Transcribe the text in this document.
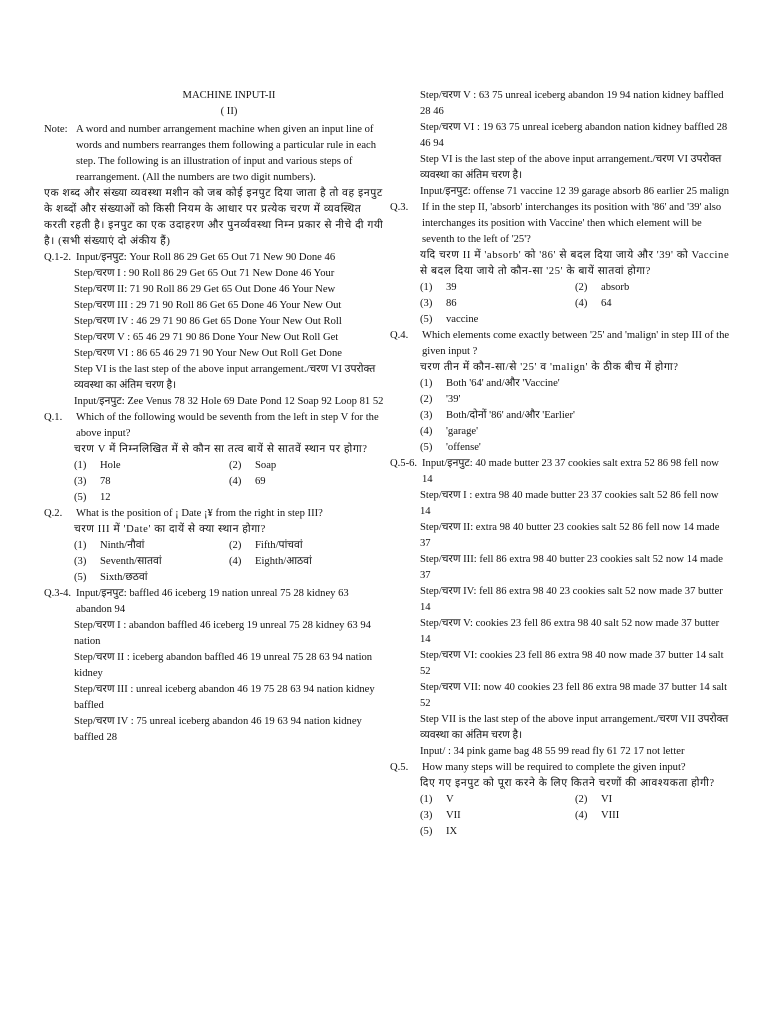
MACHINE INPUT-II

( II)

Note: A word and number arrangement machine when given an input line of words and numbers rearranges them following a particular rule in each step. The following is an illustration of input and various steps of rearrangement. (All the numbers are two digit numbers).

एक शब्द और संख्या व्यवस्था मशीन को जब कोई इनपुट दिया जाता है तो वह इनपुट के शब्दों और संख्याओं को किसी नियम के आधार पर प्रत्येक चरण में व्यवस्थित करती रहती है। इनपुट का एक उदाहरण और पुनर्व्यवस्था निम्न प्रकार से नीचे दी गयी है। (सभी संख्याएं दो अंकीय हैं)

Q.1-2. Input/इनपुट: Your Roll 86 29 Get 65 Out 71 New 90 Done 46

Step/चरण I : 90 Roll 86 29 Get 65 Out 71 New Done 46 Your

Step/चरण II: 71 90 Roll 86 29 Get 65 Out Done 46 Your New

Step/चरण III : 29 71 90 Roll 86 Get 65 Done 46 Your New Out

Step/चरण IV : 46 29 71 90 86 Get 65 Done Your New Out Roll

Step/चरण V : 65 46 29 71 90 86 Done Your New Out Roll Get

Step/चरण VI : 86 65 46 29 71 90 Your New Out Roll Get Done

Step VI is the last step of the above input arrangement./चरण VI उपरोक्त व्यवस्था का अंतिम चरण है।

Input/इनपुट: Zee Venus 78 32 Hole 69 Date Pond 12 Soap 92 Loop 81 52

Q.1.	Which of the following would be seventh from the left in step V for the above input?

चरण V में निम्नलिखित में से कौन सा तत्व बायें से सातवें स्थान पर होगा?

(1)	Hole	(2)	Soap
(3)	78	(4)	69
(5)	12
Q.2.	What is the position of ¡ Date ¡¥ from the right in step III?

चरण III में 'Date' का दायें से क्या स्थान होगा?

(1)	Ninth/नौवां	(2)	Fifth/पांचवां
(3)	Seventh/सातवां	(4)	Eighth/आठवां
(5)	Sixth/छठवां
Q.3-4. Input/इनपुट: baffled 46 iceberg 19 nation unreal 75 28 kidney 63 abandon 94

Step/चरण I : abandon baffled 46 iceberg 19 unreal 75 28 kidney 63 94 nation

Step/चरण II : iceberg abandon baffled 46 19 unreal 75 28 63 94 nation kidney

Step/चरण III : unreal iceberg abandon 46 19 75 28 63 94 nation kidney baffled

Step/चरण IV : 75 unreal iceberg abandon 46 19 63 94 nation kidney baffled 28

Step/चरण V : 63 75 unreal iceberg abandon 19 94 nation kidney baffled 28 46

Step/चरण VI : 19 63 75 unreal iceberg abandon nation kidney baffled 28 46 94

Step VI is the last step of the above input arrangement./चरण VI उपरोक्त व्यवस्था का अंतिम चरण है।

Input/इनपुट: offense 71 vaccine 12 39 garage absorb 86 earlier 25 malign

Q.3.	If in the step II, 'absorb' interchanges its position with '86' and '39' also interchanges its position with Vaccine' then which element will be seventh to the left of '25'?

यदि चरण II में 'absorb' को '86' से बदल दिया जाये और '39' को Vaccine से बदल दिया जाये तो कौन-सा '25' के बायें सातवां होगा?

(1)	39	(2)	absorb
(3)	86	(4)	64
(5)	vaccine
Q.4.	Which elements come exactly between '25' and 'malign' in step III of the given input ?

चरण तीन में कौन-सा/से '25' व 'malign' के ठीक बीच में होगा?

(1)	Both '64' and/और 'Vaccine'
(2)	'39'
(3)	Both/दोनों '86' and/और 'Earlier'
(4)	'garage'
(5)	'offense'
Q.5-6. Input/इनपुट: 40 made butter 23 37 cookies salt extra 52 86 98 fell now 14

Step/चरण I : extra 98 40 made butter 23 37 cookies salt 52 86 fell now 14

Step/चरण II: extra 98 40 butter 23 cookies salt 52 86 fell now 14 made 37

Step/चरण III: fell 86 extra 98 40 butter 23 cookies salt 52 now 14 made 37

Step/चरण IV: fell 86 extra 98 40 23 cookies salt 52 now made 37 butter 14

Step/चरण V: cookies 23 fell 86 extra 98 40 salt 52 now made 37 butter 14

Step/चरण VI: cookies 23 fell 86 extra 98 40 now made 37 butter 14 salt 52

Step/चरण VII: now 40 cookies 23 fell 86 extra 98 made 37 butter 14 salt 52

Step VII is the last step of the above input arrangement./चरण VII उपरोक्त व्यवस्था का अंतिम चरण है।

Input/ : 34 pink game bag 48 55 99 read fly 61 72 17 not letter

Q.5.	How many steps will be required to complete the given input?

दिए गए इनपुट को पूरा करने के लिए कितने चरणों की आवश्यकता होगी?

(1)	V	(2)	VI
(3)	VII	(4)	VIII
(5)	IX
